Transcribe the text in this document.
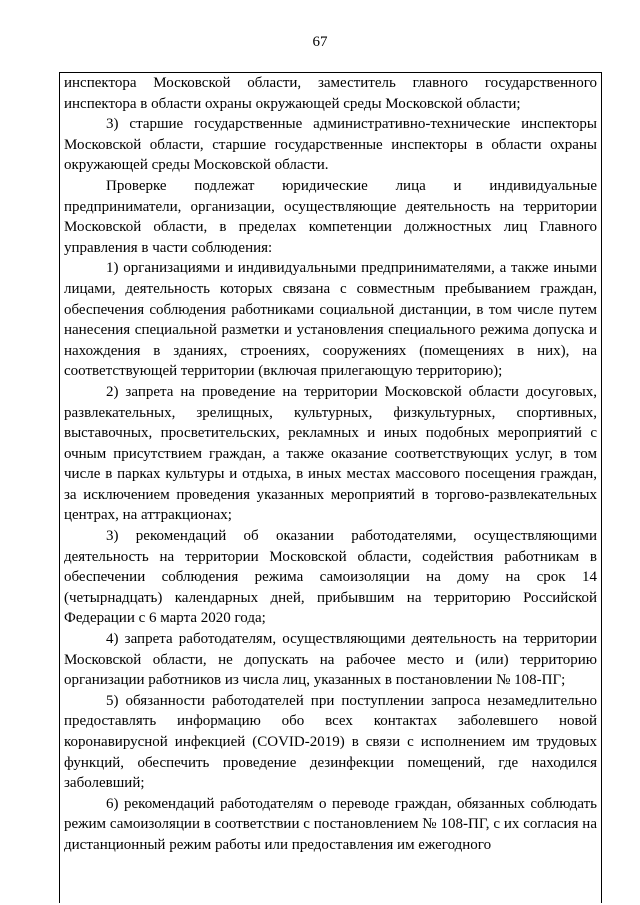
67

инспектора Московской области, заместитель главного государственного инспектора в области охраны окружающей среды Московской области;

3) старшие государственные административно-технические инспекторы Московской области, старшие государственные инспекторы в области охраны окружающей среды Московской области.

Проверке подлежат юридические лица и индивидуальные предприниматели, организации, осуществляющие деятельность на территории Московской области, в пределах компетенции должностных лиц Главного управления в части соблюдения:

1) организациями и индивидуальными предпринимателями, а также иными лицами, деятельность которых связана с совместным пребыванием граждан, обеспечения соблюдения работниками социальной дистанции, в том числе путем нанесения специальной разметки и установления специального режима допуска и нахождения в зданиях, строениях, сооружениях (помещениях в них), на соответствующей территории (включая прилегающую территорию);

2) запрета на проведение на территории Московской области досуговых, развлекательных, зрелищных, культурных, физкультурных, спортивных, выставочных, просветительских, рекламных и иных подобных мероприятий с очным присутствием граждан, а также оказание соответствующих услуг, в том числе в парках культуры и отдыха, в иных местах массового посещения граждан, за исключением проведения указанных мероприятий в торгово-развлекательных центрах, на аттракционах;

3) рекомендаций об оказании работодателями, осуществляющими деятельность на территории Московской области, содействия работникам в обеспечении соблюдения режима самоизоляции на дому на срок 14 (четырнадцать) календарных дней, прибывшим на территорию Российской Федерации с 6 марта 2020 года;

4) запрета работодателям, осуществляющими деятельность на территории Московской области, не допускать на рабочее место и (или) территорию организации работников из числа лиц, указанных в постановлении № 108-ПГ;

5) обязанности работодателей при поступлении запроса незамедлительно предоставлять информацию обо всех контактах заболевшего новой коронавирусной инфекцией (COVID-2019) в связи с исполнением им трудовых функций, обеспечить проведение дезинфекции помещений, где находился заболевший;

6) рекомендаций работодателям о переводе граждан, обязанных соблюдать режим самоизоляции в соответствии с постановлением № 108-ПГ, с их согласия на дистанционный режим работы или предоставления им ежегодного
